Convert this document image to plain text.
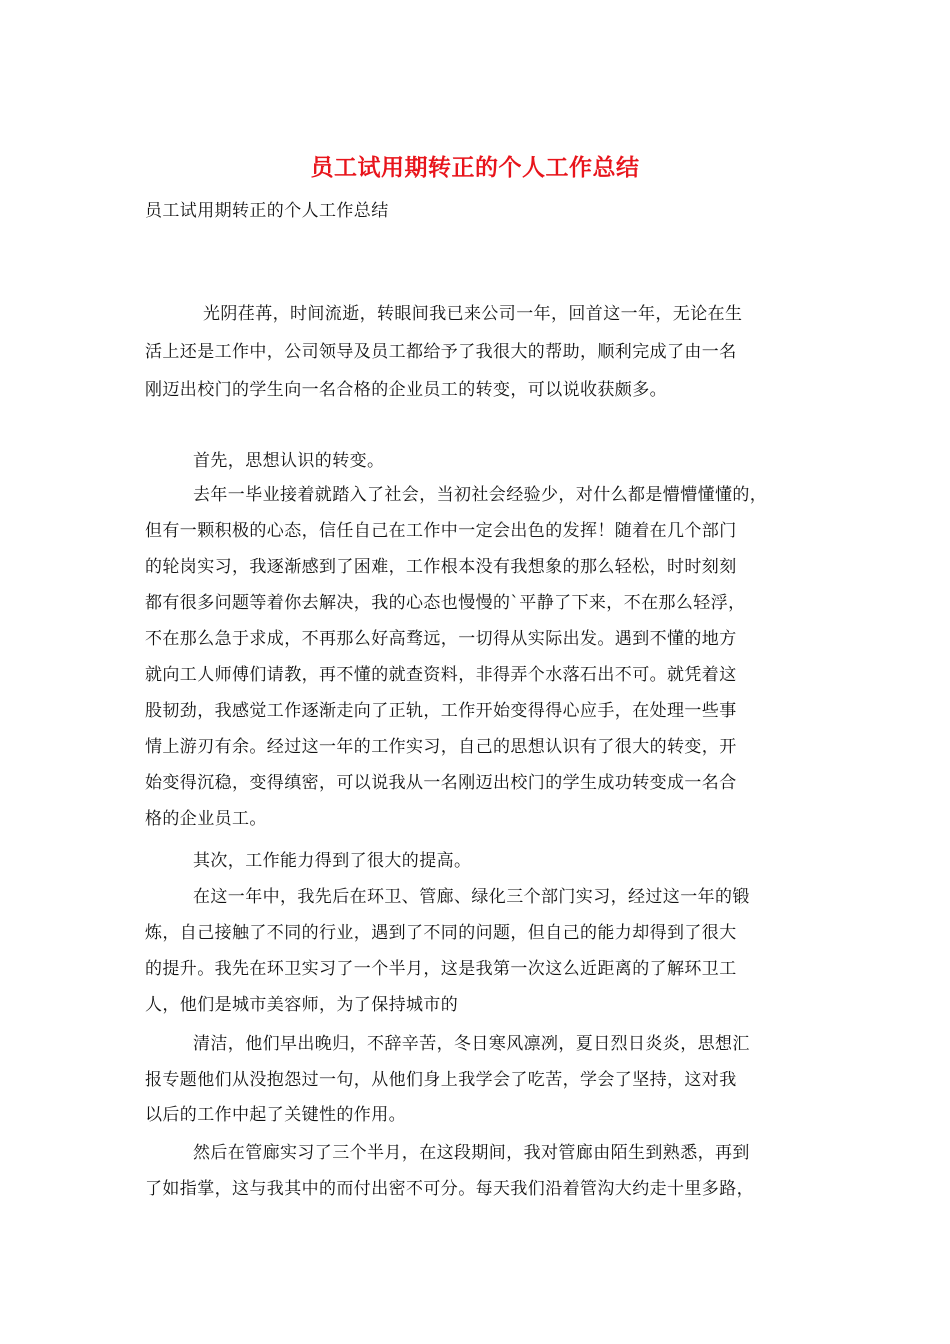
员工试用期转正的个人工作总结
员工试用期转正的个人工作总结
光阴荏苒，时间流逝，转眼间我已来公司一年，回首这一年，无论在生
活上还是工作中，公司领导及员工都给予了我很大的帮助，顺利完成了由一名
刚迈出校门的学生向一名合格的企业员工的转变，可以说收获颇多。
首先，思想认识的转变。
去年一毕业接着就踏入了社会，当初社会经验少，对什么都是懵懵懂懂的，
但有一颗积极的心态，信任自己在工作中一定会出色的发挥！随着在几个部门
的轮岗实习，我逐渐感到了困难，工作根本没有我想象的那么轻松，时时刻刻
都有很多问题等着你去解决，我的心态也慢慢的`平静了下来，不在那么轻浮，
不在那么急于求成，不再那么好高骛远，一切得从实际出发。遇到不懂的地方
就向工人师傅们请教，再不懂的就查资料，非得弄个水落石出不可。就凭着这
股韧劲，我感觉工作逐渐走向了正轨，工作开始变得得心应手，在处理一些事
情上游刃有余。经过这一年的工作实习，自己的思想认识有了很大的转变，开
始变得沉稳，变得缜密，可以说我从一名刚迈出校门的学生成功转变成一名合
格的企业员工。
其次，工作能力得到了很大的提高。
在这一年中，我先后在环卫、管廊、绿化三个部门实习，经过这一年的锻
炼，自己接触了不同的行业，遇到了不同的问题，但自己的能力却得到了很大
的提升。我先在环卫实习了一个半月，这是我第一次这么近距离的了解环卫工
人，他们是城市美容师，为了保持城市的
清洁，他们早出晚归，不辞辛苦，冬日寒风凛冽，夏日烈日炎炎，思想汇
报专题他们从没抱怨过一句，从他们身上我学会了吃苦，学会了坚持，这对我
以后的工作中起了关键性的作用。
然后在管廊实习了三个半月，在这段期间，我对管廊由陌生到熟悉，再到
了如指掌，这与我其中的而付出密不可分。每天我们沿着管沟大约走十里多路，
